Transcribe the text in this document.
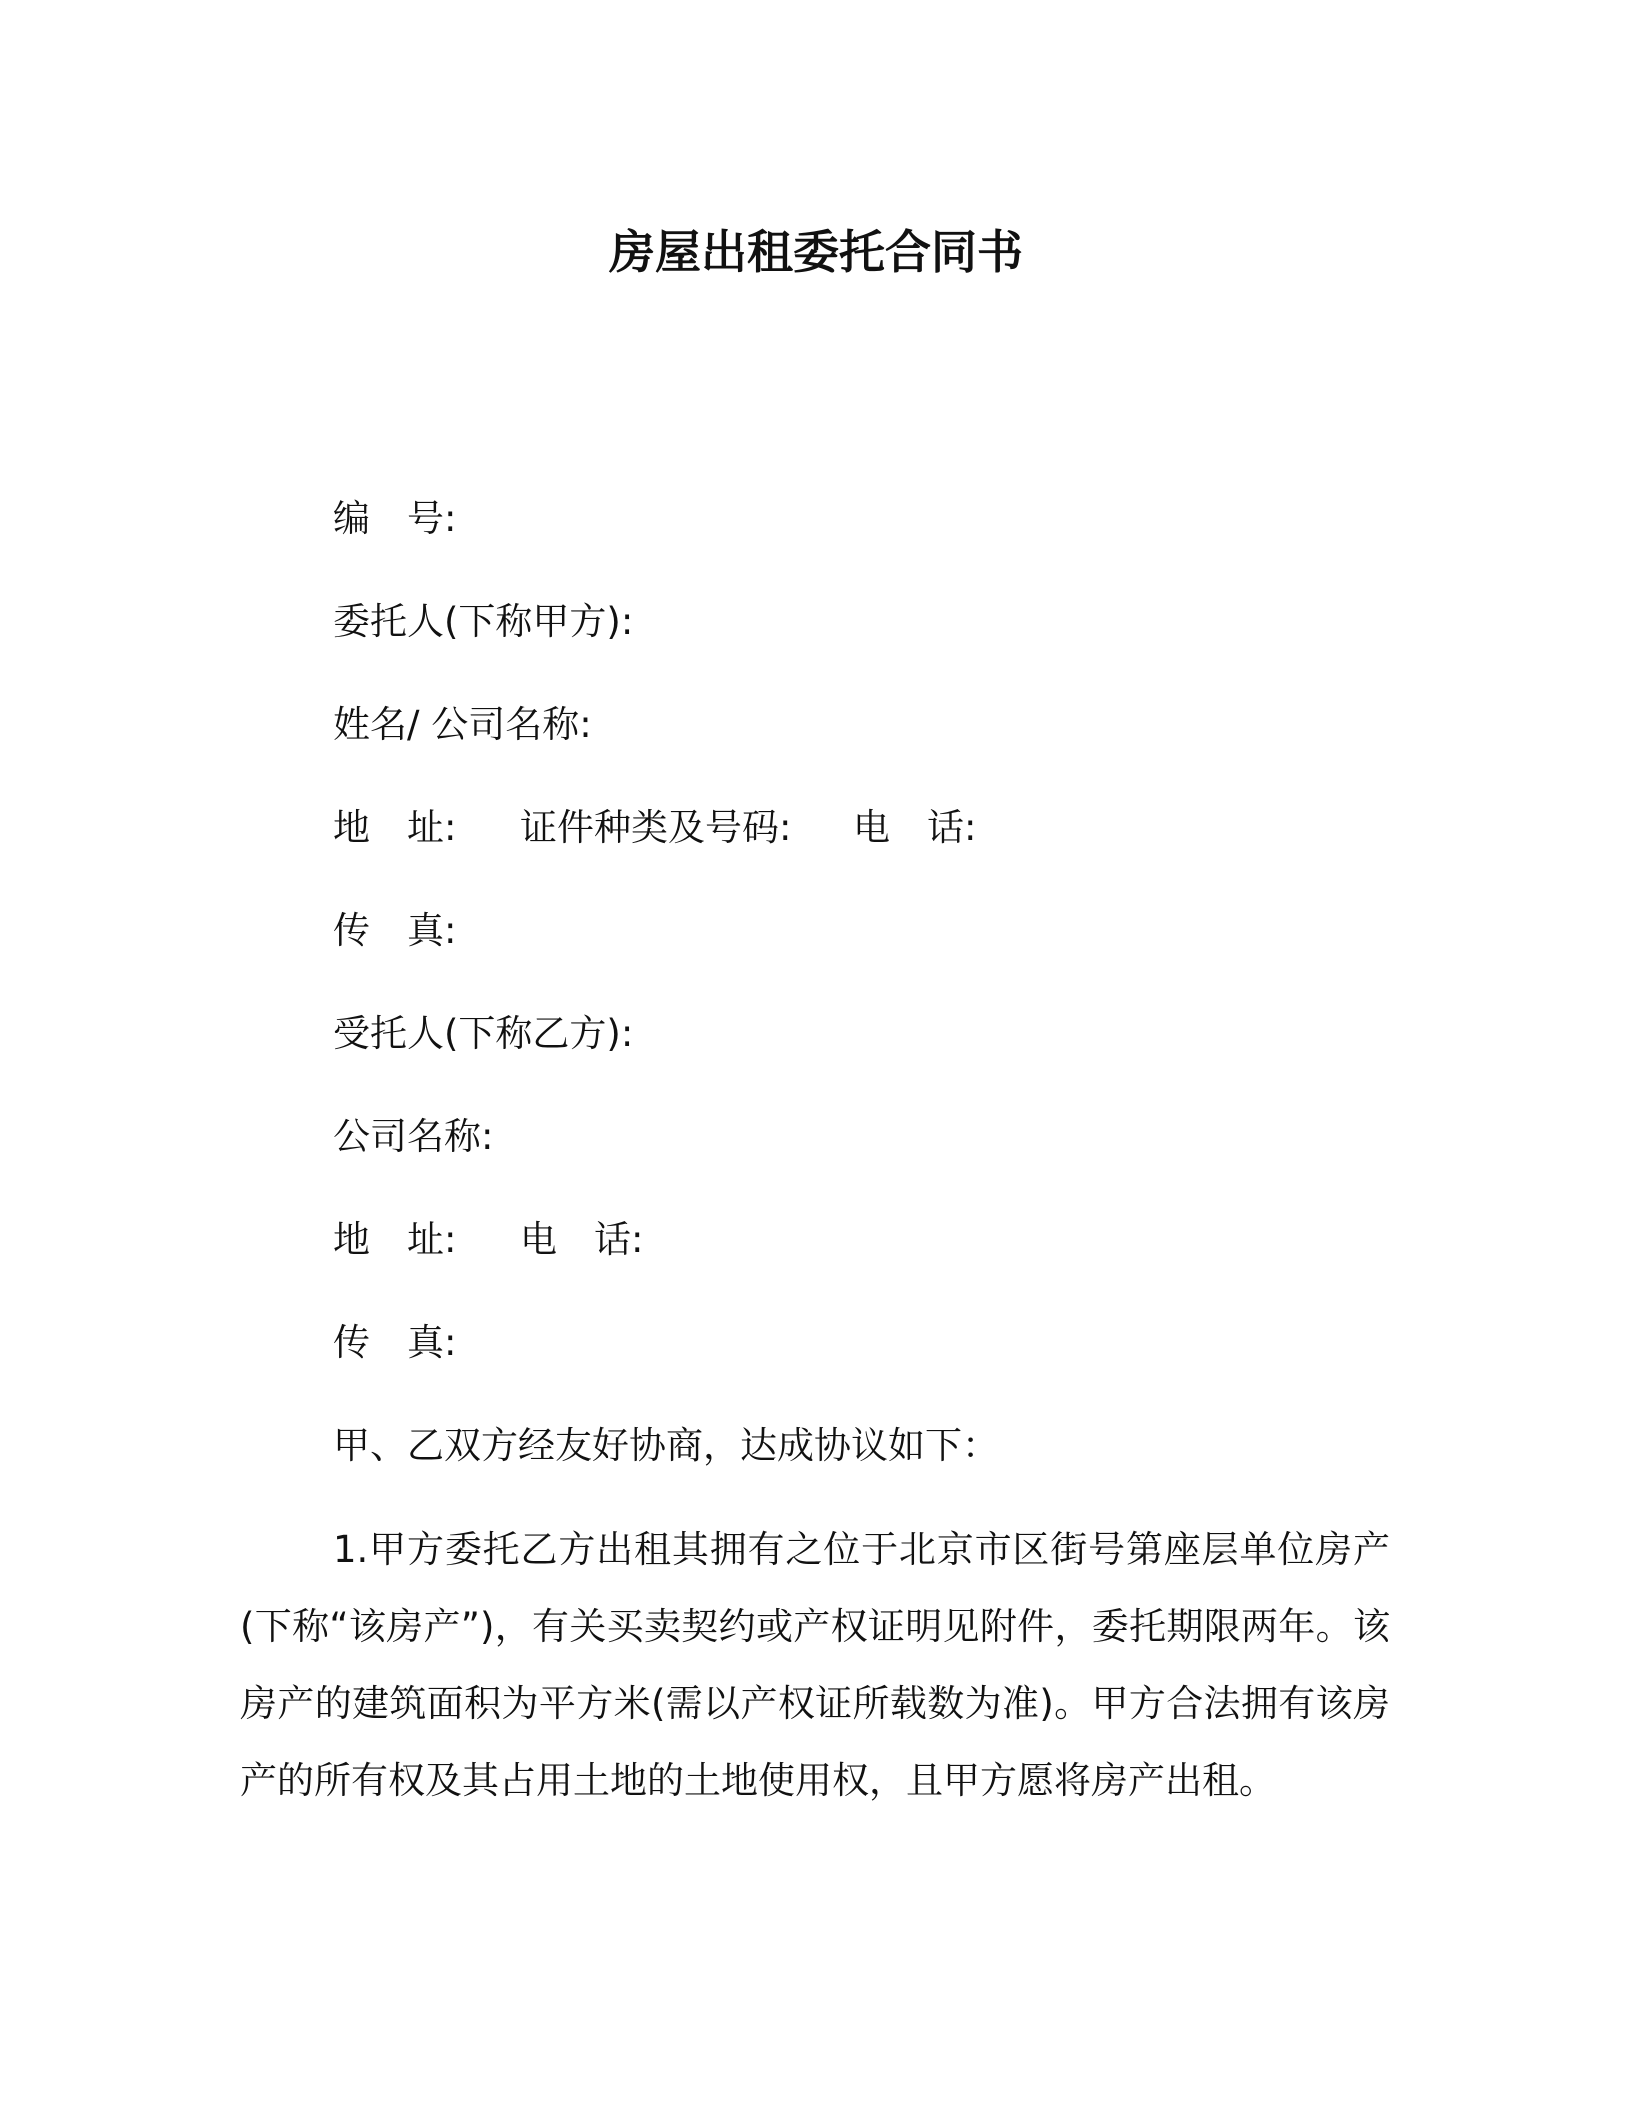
房屋出租委托合同书
编　号:
委托人(下称甲方):
姓名/ 公司名称:
地　址: 证件种类及号码: 电　话:
传　真:
受托人(下称乙方):
公司名称:
地　址: 电　话:
传　真:
甲、乙双方经友好协商，达成协议如下：

1.甲方委托乙方出租其拥有之位于北京市区街号第座层单位房产(下称“该房产”)，有关买卖契约或产权证明见附件，委托期限两年。该房产的建筑面积为平方米(需以产权证所载数为准)。甲方合法拥有该房产的所有权及其占用土地的土地使用权，且甲方愿将房产出租。
